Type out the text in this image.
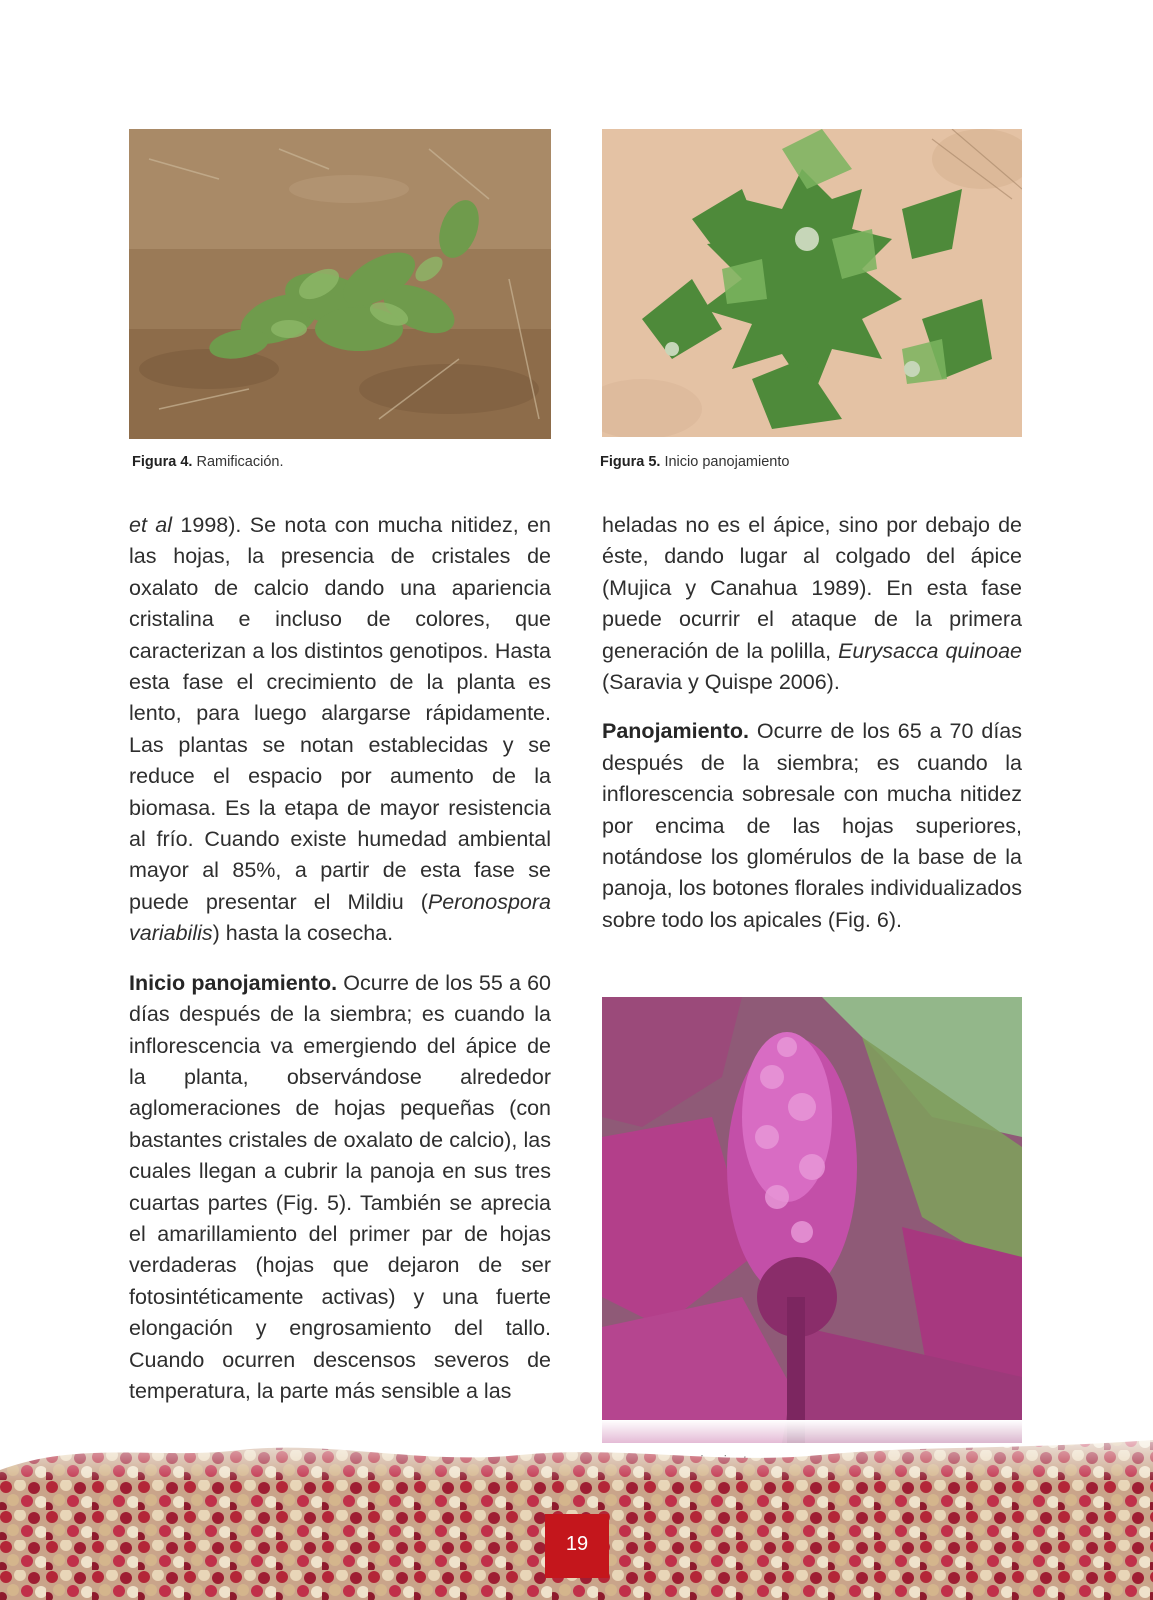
Figura 4. Ramificación.	Figura 5. Inicio panojamiento

et al 1998). Se nota con mucha nitidez, en las hojas, la presencia de cristales de oxalato de calcio dando una apariencia cristalina e incluso de colores, que caracterizan a los distintos genotipos. Hasta esta fase el crecimiento de la planta es lento, para luego alargarse rápidamente. Las plantas se notan establecidas y se reduce el espacio por aumento de la biomasa. Es la etapa de mayor resistencia al frío. Cuando existe humedad ambiental mayor al 85%, a partir de esta fase se puede presentar el Mildiu (Peronospora variabilis) hasta la cosecha.

Inicio panojamiento. Ocurre de los 55 a 60 días después de la siembra; es cuando la inflorescencia va emergiendo del ápice de la planta, observándose alrededor aglomeraciones de hojas pequeñas (con bastantes cristales de oxalato de calcio), las cuales llegan a cubrir la panoja en sus tres cuartas partes (Fig. 5). También se aprecia el amarillamiento del primer par de hojas verdaderas (hojas que dejaron de ser fotosintéticamente activas) y una fuerte elongación y engrosamiento del tallo. Cuando ocurren descensos severos de temperatura, la parte más sensible a las

heladas no es el ápice, sino por debajo de éste, dando lugar al colgado del ápice (Mujica y Canahua 1989). En esta fase puede ocurrir el ataque de la primera generación de la polilla, Eurysacca quinoae (Saravia y Quispe 2006).

Panojamiento. Ocurre de los 65 a 70 días después de la siembra; es cuando la inflorescencia sobresale con mucha nitidez por encima de las hojas superiores, notándose los glomérulos de la base de la panoja, los botones florales individualizados sobre todo los apicales (Fig. 6).

19
